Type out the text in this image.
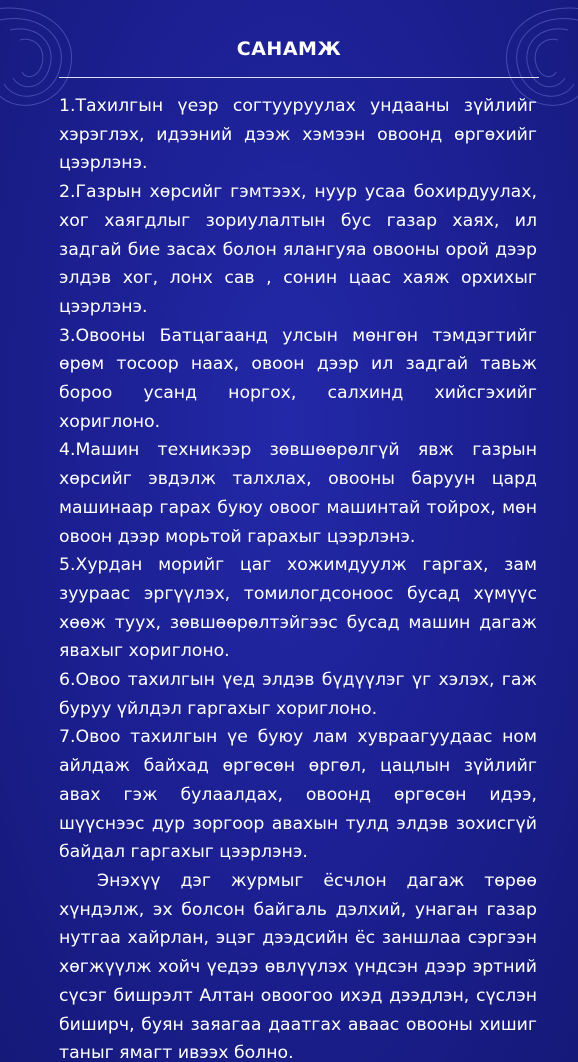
САНАМЖ

1.Тахилгын үеэр согтууруулах ундааны зүйлийг хэрэглэх, идээний дээж хэмээн овоонд өргөхийг цээрлэнэ.

2.Газрын хөрсийг гэмтээх, нуур усаа бохирдуулах, хог хаягдлыг зориулалтын бус газар хаях, ил задгай бие засах болон ялангуяа овооны орой дээр элдэв хог, лонх сав , сонин цаас хаяж орхихыг цээрлэнэ.

3.Овооны Батцагаанд улсын мөнгөн тэмдэгтийг өрөм тосоор наах, овоон дээр ил задгай тавьж бороо усанд норгох, салхинд хийсгэхийг хориглоно.

4.Машин техникээр зөвшөөрөлгүй явж газрын хөрсийг эвдэлж талхлах, овооны баруун цард машинаар гарах буюу овоог машинтай тойрох, мөн овоон дээр морьтой гарахыг цээрлэнэ.

5.Хурдан морийг цаг хожимдуулж гаргах, зам зуураас эргүүлэх, томилогдсоноос бусад хүмүүс хөөж туух, зөвшөөрөлтэйгээс бусад машин дагаж явахыг хориглоно.

6.Овоо тахилгын үед элдэв бүдүүлэг үг хэлэх, гаж буруу үйлдэл гаргахыг хориглоно.

7.Овоо тахилгын үе буюу лам хувраагуудаас ном айлдаж байхад өргөсөн өргөл, цацлын зүйлийг авах гэж булаалдах, овоонд өргөсөн идээ, шүүснээс дур зоргоор авахын тулд элдэв зохисгүй байдал гаргахыг цээрлэнэ.

Энэхүү дэг журмыг ёсчлон дагаж төрөө хүндэлж, эх болсон байгаль дэлхий, унаган газар нутгаа хайрлан, эцэг дээдсийн ёс заншлаа сэргээн хөгжүүлж хойч үедээ өвлүүлэх үндсэн дээр эртний сүсэг бишрэлт Алтан овоогоо ихэд дээдлэн, сүслэн биширч, буян заяагаа даатгах аваас овооны хишиг таныг ямагт ивээх болно.
